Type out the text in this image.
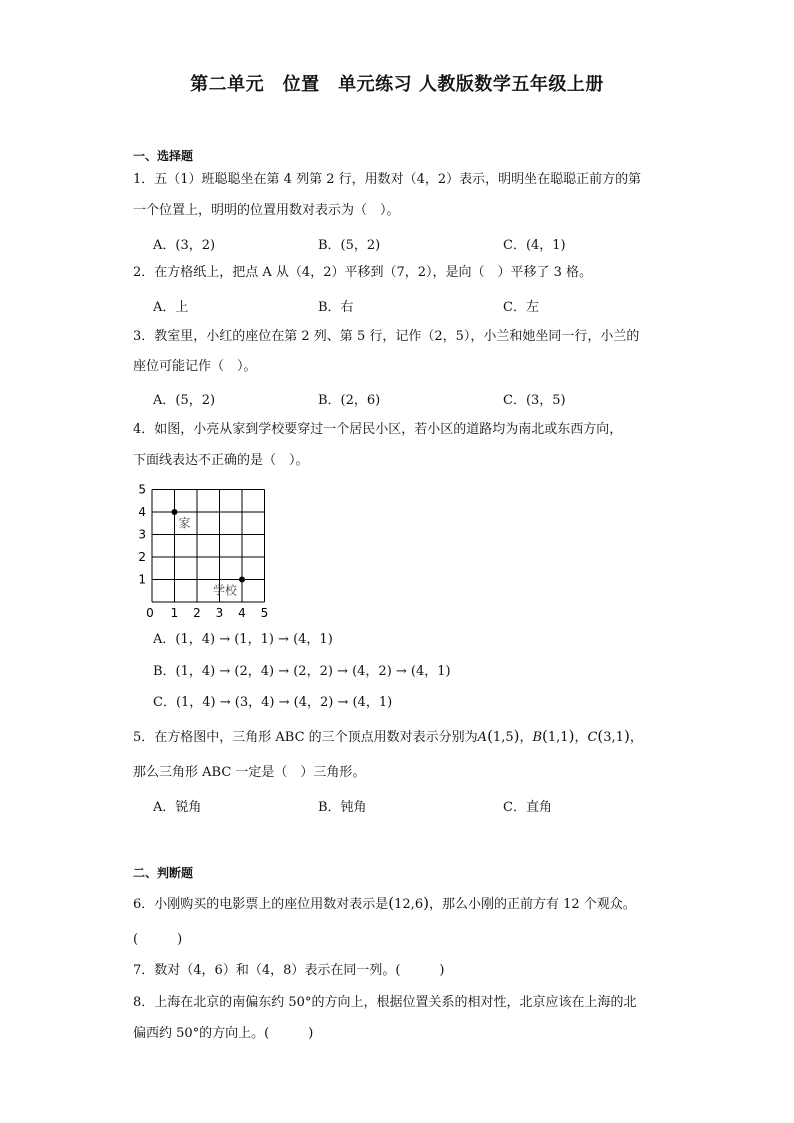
第二单元　位置　单元练习 人教版数学五年级上册
一、选择题
1．五（1）班聪聪坐在第 4 列第 2 行，用数对（4，2）表示，明明坐在聪聪正前方的第
一个位置上，明明的位置用数对表示为（　）。
A．(3，2)	B．(5，2)	C．(4，1)
2．在方格纸上，把点 A 从（4，2）平移到（7，2），是向（　）平移了 3 格。
A．上	B．右	C．左
3．教室里，小红的座位在第 2 列、第 5 行，记作（2，5），小兰和她坐同一行，小兰的
座位可能记作（　）。
A．(5，2)	B．(2，6)	C．(3，5)
4．如图，小亮从家到学校要穿过一个居民小区，若小区的道路均为南北或东西方向，
下面线表达不正确的是（　）。
0 1 2 3 4 5
1
2
3
4
5
家
学校
A．(1，4) → (1，1) → (4，1)
B．(1，4) → (2，4) → (2，2) → (4，2) → (4，1)
C．(1，4) → (3，4) → (4，2) → (4，1)
5．在方格图中，三角形 ABC 的三个顶点用数对表示分别为A(1,5)，B(1,1)，C(3,1)，
那么三角形 ABC 一定是（　）三角形。
A．锐角	B．钝角	C．直角
二、判断题
6．小刚购买的电影票上的座位用数对表示是(12,6)，那么小刚的正前方有 12 个观众。
(　　　)
7．数对（4，6）和（4，8）表示在同一列。(　　　)
8．上海在北京的南偏东约 50°的方向上，根据位置关系的相对性，北京应该在上海的北
偏西约 50°的方向上。(　　　)
